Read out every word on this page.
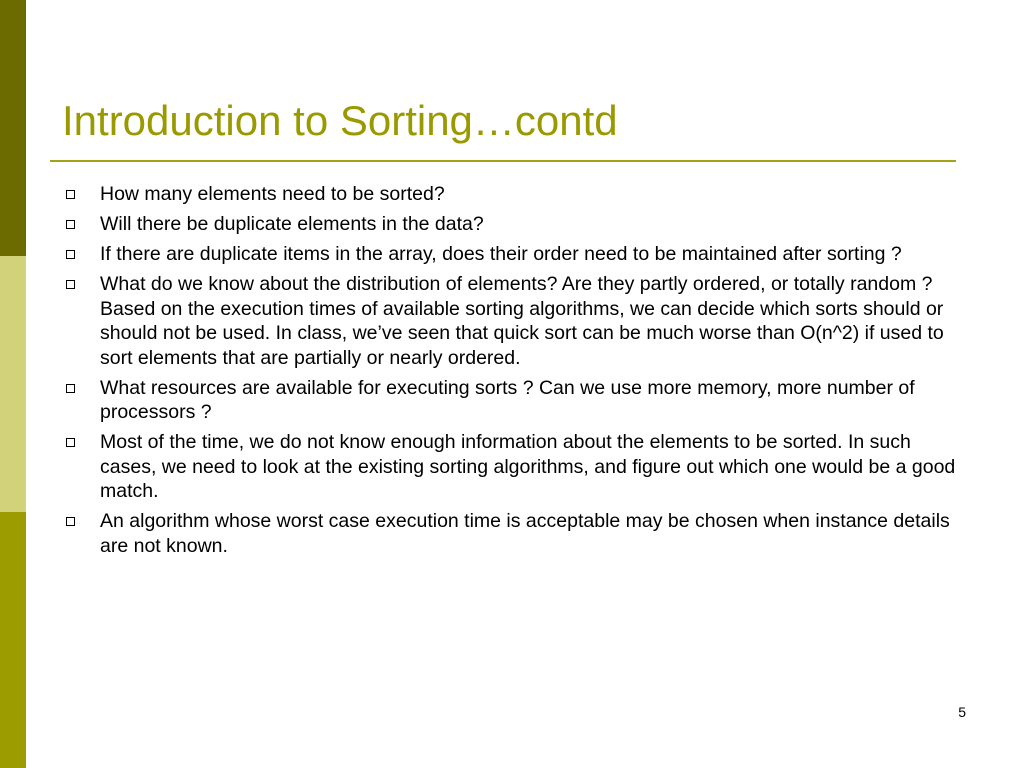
Introduction to Sorting…contd
How many elements need to be sorted?
Will there be duplicate elements in the data?
If there are duplicate items in the array, does their order need to be maintained after sorting ?
What do we know about the distribution of elements? Are they partly ordered, or totally random ? Based on the execution times of available sorting algorithms, we can decide which sorts should or should not be used. In class, we’ve seen that quick sort can be much worse than O(n^2) if used to sort elements that are partially or nearly ordered.
What resources are available for executing sorts ? Can we use more memory, more number of processors ?
Most of the time, we do not know enough information about the elements to be sorted. In such cases, we need to look at the existing sorting algorithms, and figure out which one would be a good match.
An algorithm whose worst case execution time is acceptable may be chosen when instance details are not known.
5
